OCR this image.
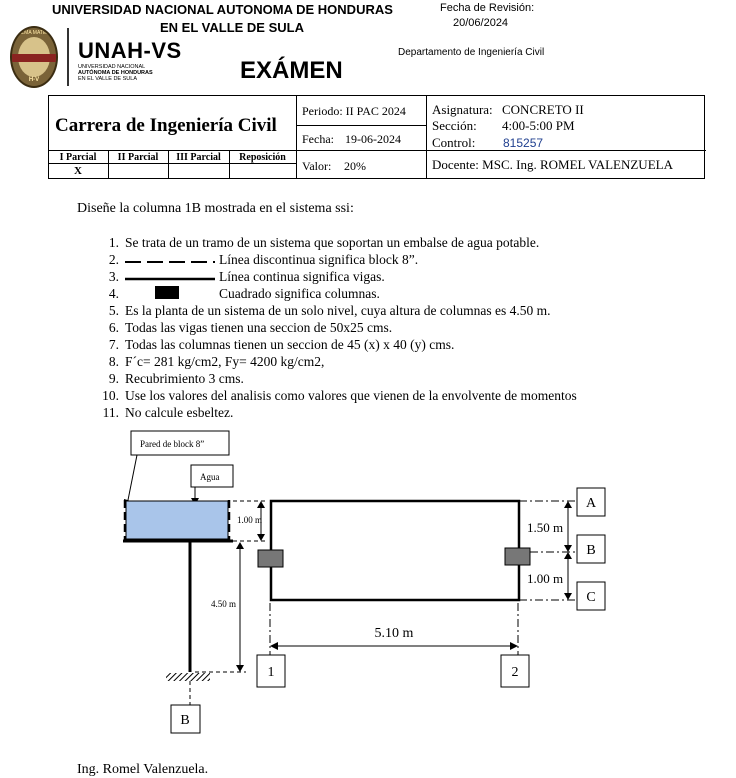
UNIVERSIDAD NACIONAL AUTONOMA DE HONDURAS
EN EL VALLE DE SULA
Fecha de Revisión:
20/06/2024
Departamento de Ingeniería Civil
EXÁMEN
ALMA MATER
H-V
UNAH-VS
UNIVERSIDAD NACIONAL
AUTÓNOMA DE HONDURAS
EN EL VALLE DE SULA
Carrera de Ingeniería Civil
I Parcial	II Parcial	III Parcial	Reposición
X
Periodo: II PAC 2024
Fecha: 19-06-2024
Valor: 20%
Asignatura: CONCRETO II
Sección: 4:00-5:00 PM
Control: 815257
Docente: MSC. Ing. ROMEL VALENZUELA
Diseñe la columna 1B mostrada en el sistema ssi:
1. Se trata de un tramo de un sistema que soportan un embalse de agua potable.
2.	Línea discontinua significa block 8”.
3.	Línea continua significa vigas.
4.	Cuadrado significa columnas.
5. Es la planta de un sistema de un solo nivel, cuya altura de columnas es 4.50 m.
6. Todas las vigas tienen una seccion de 50x25 cms.
7. Todas las columnas tienen un seccion de 45 (x) x 40 (y) cms.
8. F´c= 281 kg/cm2, Fy= 4200 kg/cm2,
9. Recubrimiento 3 cms.
10. Use los valores del analisis como valores que vienen de la envolvente de momentos
11. No calcule esbeltez.
Pared de block 8”
Agua
B
1.00 m
4.50 m
1.50 m
1.00 m
A
B
C
5.10 m
1	2
Ing. Romel Valenzuela.
